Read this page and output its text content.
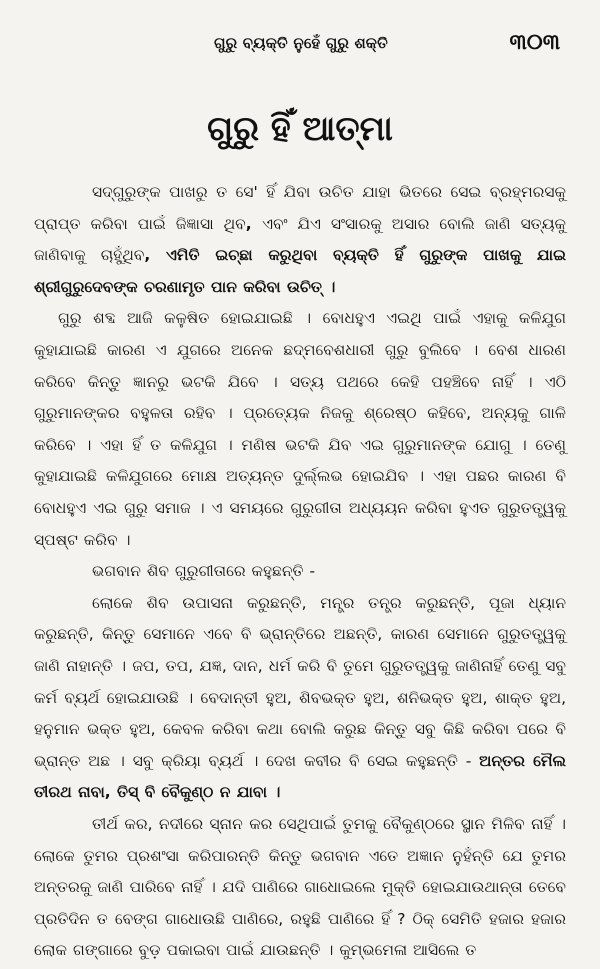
ଗୁରୁ ବ୍ୟକ୍ତି ନୁହେଁ ଗୁରୁ ଶକ୍ତି	୩୦୩
ଗୁରୁ ହିଁ ଆତ୍ମା

ସଦ୍‌ଗୁରୁଙ୍କ ପାଖରୁ ତ ସେ' ହିଁ ଯିବା ଉଚିତ ଯାହା ଭିତରେ ସେଇ ବ୍ରହ୍ମରସକୁ ପ୍ରାପ୍ତ କରିବା ପାଇଁ ଜିଜ୍ଞାସା ଥିବ, ଏବଂ ଯିଏ ସଂସାରକୁ ଅସାର ବୋଲି ଜାଣି ସତ୍ୟକୁ ଜାଣିବାକୁ ଚାହୁଁଥିବ, ଏମିତି ଇଚ୍ଛା କରୁଥିବା ବ୍ୟକ୍ତି ହିଁ ଗୁରୁଙ୍କ ପାଖକୁ ଯାଇ ଶ୍ରୀଗୁରୁଦେବଙ୍କ ଚରଣାମୃତ ପାନ କରିବା ଉଚିତ୍ ।

ଗୁରୁ ଶବ୍ଦ ଆଜି କଳୁଷିତ ହୋଇଯାଇଛି । ବୋଧହୁଏ ଏଇଥି ପାଇଁ ଏହାକୁ କଳିଯୁଗ କୁହାଯାଇଛି କାରଣ ଏ ଯୁଗରେ ଅନେକ ଛଦ୍ମବେଶଧାରୀ ଗୁରୁ ବୁଲିବେ । ବେଶ ଧାରଣ କରିବେ କିନ୍ତୁ ଜ୍ଞାନରୁ ଭଟକି ଯିବେ । ସତ୍ୟ ପଥରେ କେହି ପହଞ୍ଚିବେ ନାହିଁ । ଏଠି ଗୁରୁମାନଙ୍କର ବହୁଳତା ରହିବ । ପ୍ରତ୍ୟେକ ନିଜକୁ ଶ୍ରେଷ୍ଠ କହିବେ, ଅନ୍ୟକୁ ଗାଳି କରିବେ । ଏହା ହିଁ ତ କଳିଯୁଗ । ମଣିଷ ଭଟକି ଯିବ ଏଇ ଗୁରୁମାନଙ୍କ ଯୋଗୁ । ତେଣୁ କୁହାଯାଇଛି କଳିଯୁଗରେ ମୋକ୍ଷ ଅତ୍ୟନ୍ତ ଦୁର୍ଲ୍ଲଭ ହୋଇଯିବ । ଏହା ପଛର କାରଣ ବି ବୋଧହୁଏ ଏଇ ଗୁରୁ ସମାଜ । ଏ ସମୟରେ ଗୁରୁଗୀତା ଅଧ୍ୟୟନ କରିବା ହୁଏତ ଗୁରୁତତ୍ତ୍ୱକୁ ସ୍ପଷ୍ଟ କରିବ ।

ଭଗବାନ ଶିବ ଗୁରୁଗୀତାରେ କହୁଛନ୍ତି -

ଲୋକେ ଶିବ ଉପାସନା କରୁଛନ୍ତି, ମନ୍ତ୍ର ତନ୍ତ୍ର କରୁଛନ୍ତି, ପୂଜା ଧ୍ୟାନ କରୁଛନ୍ତି, କିନ୍ତୁ ସେମାନେ ଏବେ ବି ଭ୍ରାନ୍ତିରେ ଅଛନ୍ତି, କାରଣ ସେମାନେ ଗୁରୁତତ୍ତ୍ୱକୁ ଜାଣି ନାହାନ୍ତି । ଜପ, ତପ, ଯଜ୍ଞ, ଦାନ, ଧର୍ମ କରି ବି ତୁମେ ଗୁରୁତତ୍ତ୍ୱକୁ ଜାଣିନାହିଁ ତେଣୁ ସବୁ କର୍ମ ବ୍ୟର୍ଥ ହୋଇଯାଉଛି । ବେଦାନ୍ତୀ ହୁଅ, ଶିବଭକ୍ତ ହୁଅ, ଶନିଭକ୍ତ ହୁଅ, ଶାକ୍ତ ହୁଅ, ହନୁମାନ ଭକ୍ତ ହୁଅ, କେବଳ କରିବା କଥା ବୋଲି କରୁଛ କିନ୍ତୁ ସବୁ କିଛି କରିବା ପରେ ବି ଭ୍ରାନ୍ତ ଅଛ । ସବୁ କ୍ରିୟା ବ୍ୟର୍ଥ । ଦେଖ କବୀର ବି ସେଇ କହୁଛନ୍ତି - ଅନ୍ତର ମୈଲ ତୀରଥ ନାବା, ତିସ୍ ବି ବୈକୁଣ୍ଠ ନ ଯାବା ।

ତୀର୍ଥ କର, ନଦୀରେ ସ୍ନାନ କର ସେଥିପାଇଁ ତୁମକୁ ବୈକୁଣ୍ଠରେ ସ୍ଥାନ ମିଳିବ ନାହିଁ । ଲୋକେ ତୁମର ପ୍ରଶଂସା କରିପାରନ୍ତି କିନ୍ତୁ ଭଗବାନ ଏତେ ଅଜ୍ଞାନ ନୁହଁନ୍ତି ଯେ ତୁମର ଅନ୍ତରକୁ ଜାଣି ପାରିବେ ନାହିଁ । ଯଦି ପାଣିରେ ଗାଧୋଇଲେ ମୁକ୍ତି ହୋଇଯାଉଥାନ୍ତା ତେବେ ପ୍ରତିଦିନ ତ ବେଙ୍ଗ ଗାଧୋଉଛି ପାଣିରେ, ରହୁଛି ପାଣିରେ ହିଁ ? ଠିକ୍ ସେମିତି ହଜାର ହଜାର ଲୋକ ଗଙ୍ଗାରେ ବୁଡ଼ ପକାଇବା ପାଇଁ ଯାଉଛନ୍ତି । କୁମ୍ଭମେଳା ଆସିଲେ ତ
